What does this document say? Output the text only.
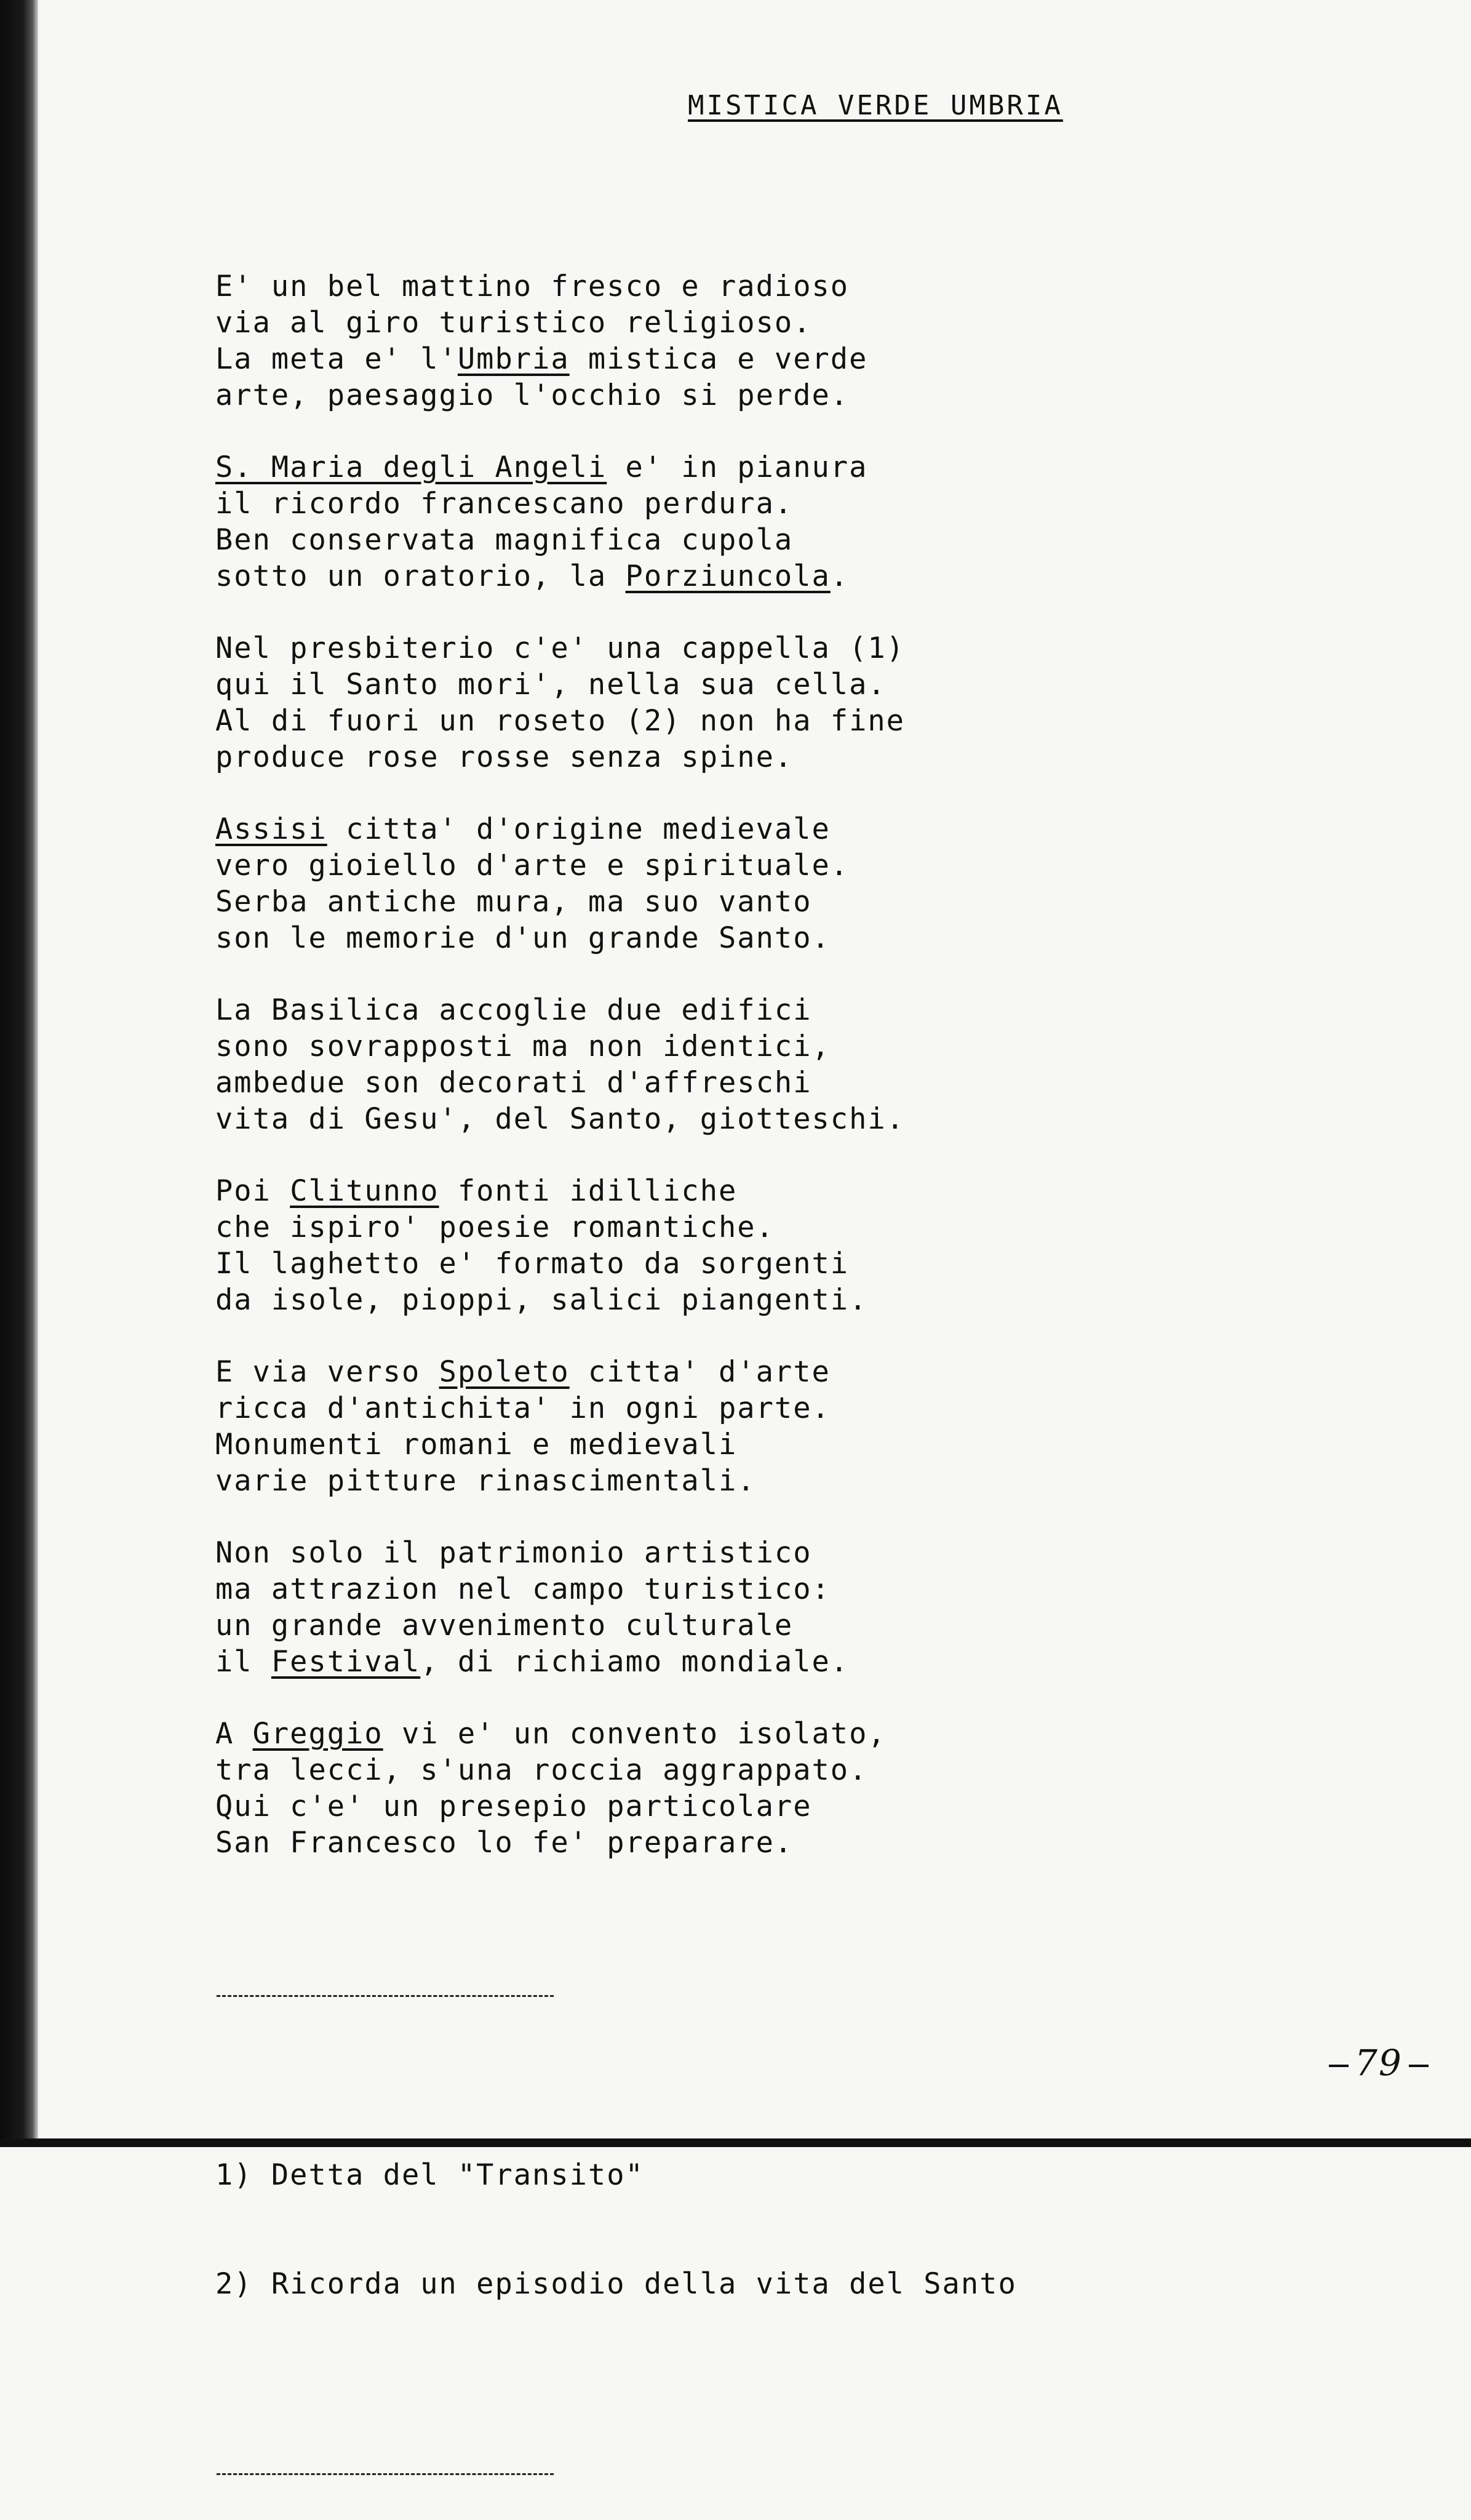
MISTICA VERDE UMBRIA

E' un bel mattino fresco e radioso
via al giro turistico religioso.
La meta e' l'Umbria mistica e verde
arte, paesaggio l'occhio si perde.
S. Maria degli Angeli e' in pianura
il ricordo francescano perdura.
Ben conservata magnifica cupola
sotto un oratorio, la Porziuncola.
Nel presbiterio c'e' una cappella (1)
qui il Santo mori', nella sua cella.
Al di fuori un roseto (2) non ha fine
produce rose rosse senza spine.
Assisi citta' d'origine medievale
vero gioiello d'arte e spirituale.
Serba antiche mura, ma suo vanto
son le memorie d'un grande Santo.
La Basilica accoglie due edifici
sono sovrapposti ma non identici,
ambedue son decorati d'affreschi
vita di Gesu', del Santo, giotteschi.
Poi Clitunno fonti idilliche
che ispiro' poesie romantiche.
Il laghetto e' formato da sorgenti
da isole, pioppi, salici piangenti.
E via verso Spoleto citta' d'arte
ricca d'antichita' in ogni parte.
Monumenti romani e medievali
varie pitture rinascimentali.
Non solo il patrimonio artistico
ma attrazion nel campo turistico:
un grande avvenimento culturale
il Festival, di richiamo mondiale.
A Greggio vi e' un convento isolato,
tra lecci, s'una roccia aggrappato.
Qui c'e' un presepio particolare
San Francesco lo fe' preparare.

1) Detta del "Transito"

2) Ricorda un episodio della vita del Santo

79
